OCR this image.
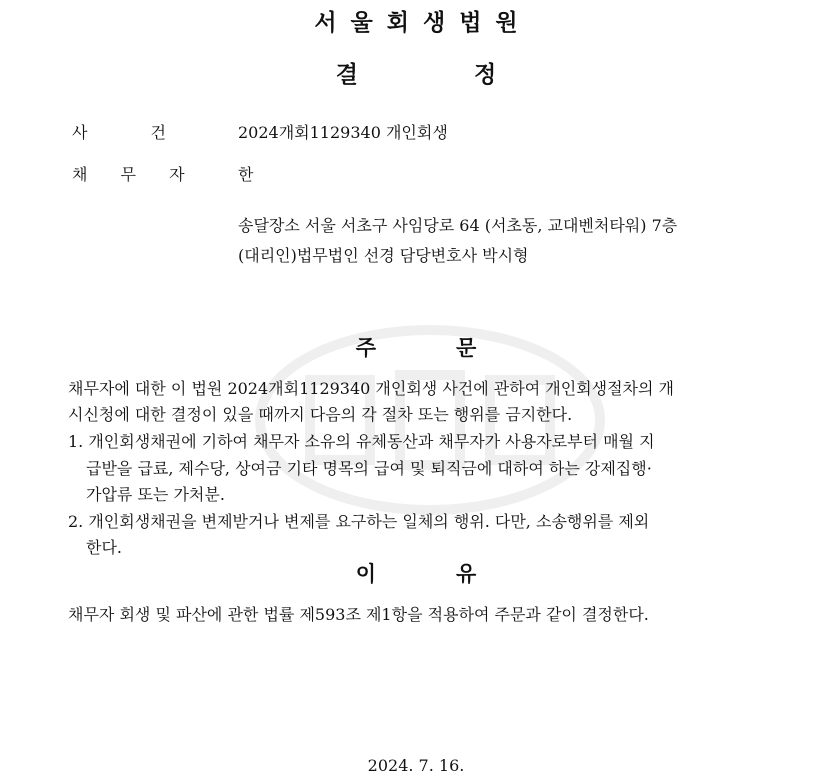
서울회생법원
결	정
사 건	2024개회1129340 개인회생
채 무 자 한
송달장소 서울 서초구 사임당로 64 (서초동, 교대벤처타워) 7층
(대리인)법무법인 선경 담당변호사 박시형
주	문
채무자에 대한 이 법원 2024개회1129340 개인회생 사건에 관하여 개인회생절차의 개
시신청에 대한 결정이 있을 때까지 다음의 각 절차 또는 행위를 금지한다.
1. 개인회생채권에 기하여 채무자 소유의 유체동산과 채무자가 사용자로부터 매월 지
급받을 급료, 제수당, 상여금 기타 명목의 급여 및 퇴직금에 대하여 하는 강제집행·
가압류 또는 가처분.
2. 개인회생채권을 변제받거나 변제를 요구하는 일체의 행위. 다만, 소송행위를 제외
한다.
이	유
채무자 회생 및 파산에 관한 법률 제593조 제1항을 적용하여 주문과 같이 결정한다.
2024. 7. 16.
